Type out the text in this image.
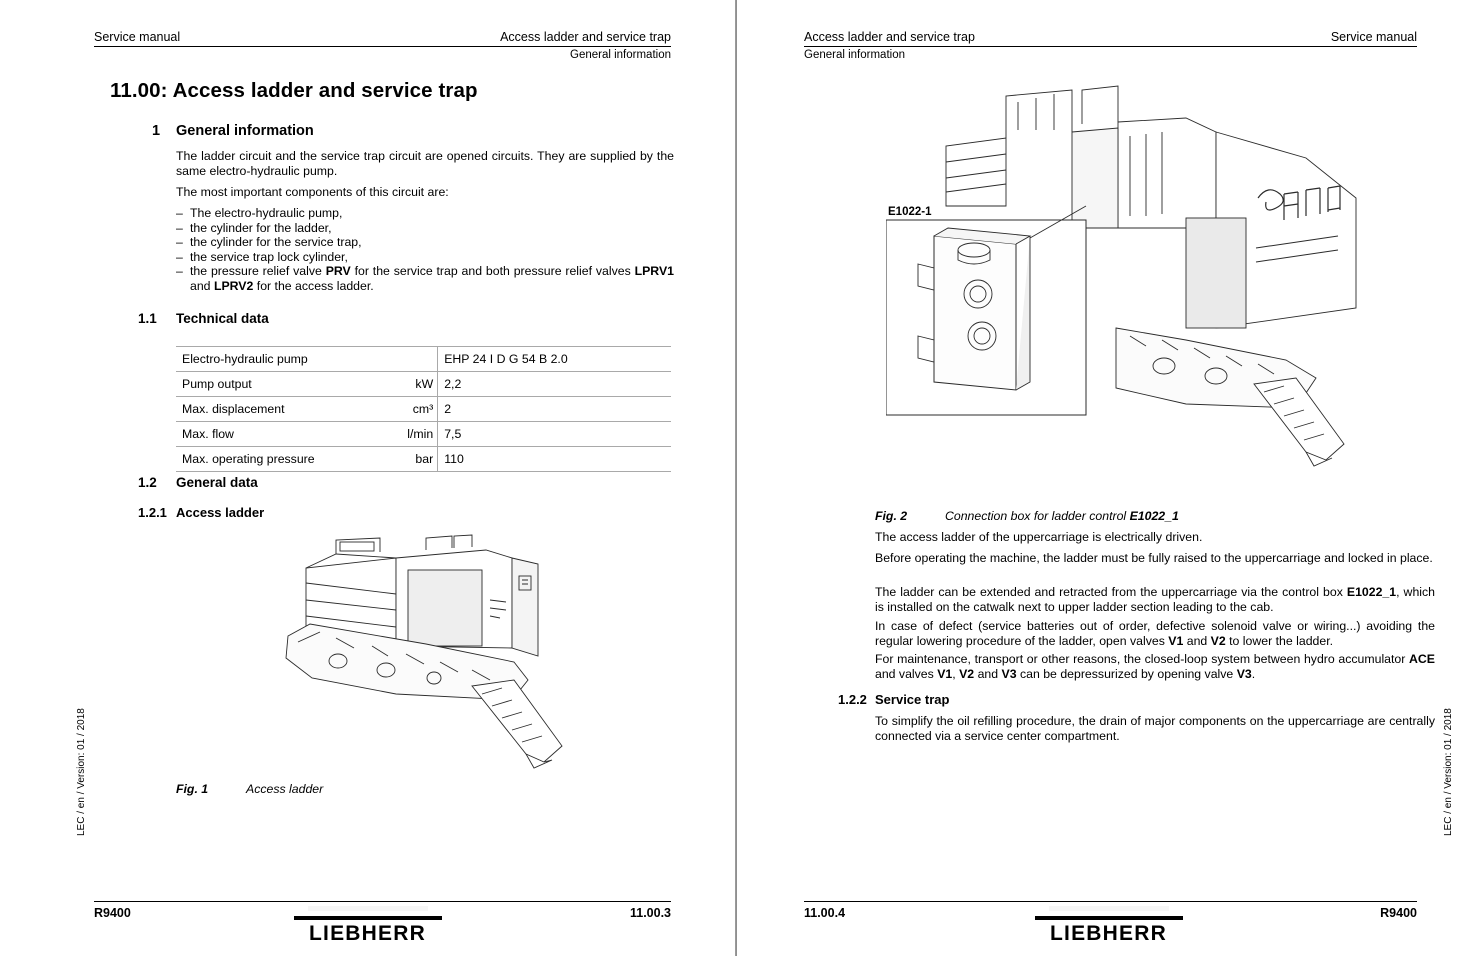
Service manual	Access ladder and service trap
General information
11.00: Access ladder and service trap
1	General information
The ladder circuit and the service trap circuit are opened circuits. They are supplied by the same electro-hydraulic pump.
The most important components of this circuit are:
– The electro-hydraulic pump,
– the cylinder for the ladder,
– the cylinder for the service trap,
– the service trap lock cylinder,
– the pressure relief valve PRV for the service trap and both pressure relief valves LPRV1 and LPRV2 for the access ladder.
1.1	Technical data
Electro-hydraulic pump		EHP 24 I D G 54 B 2.0
Pump output	kW	2,2
Max. displacement	cm³	2
Max. flow	l/min	7,5
Max. operating pressure	bar	110
1.2	General data
1.2.1 Access ladder
Fig. 1	Access ladder
LEC / en / Version: 01 / 2018
R9400	11.00.3
LIEBHERR
Access ladder and service trap	Service manual
General information
E1022-1
Fig. 2	Connection box for ladder control E1022_1
The access ladder of the uppercarriage is electrically driven.
Before operating the machine, the ladder must be fully raised to the uppercarriage and locked in place.
The ladder can be extended and retracted from the uppercarriage via the control box E1022_1, which is installed on the catwalk next to upper ladder section leading to the cab.
In case of defect (service batteries out of order, defective solenoid valve or wiring...) avoiding the regular lowering procedure of the ladder, open valves V1 and V2 to lower the ladder.
For maintenance, transport or other reasons, the closed-loop system between hydro accumulator ACE and valves V1, V2 and V3 can be depressurized by opening valve V3.
1.2.2 Service trap
To simplify the oil refilling procedure, the drain of major components on the uppercarriage are centrally connected via a service center compartment.	LEC / en / Version: 01 / 2018
11.00.4	R9400
LIEBHERR
